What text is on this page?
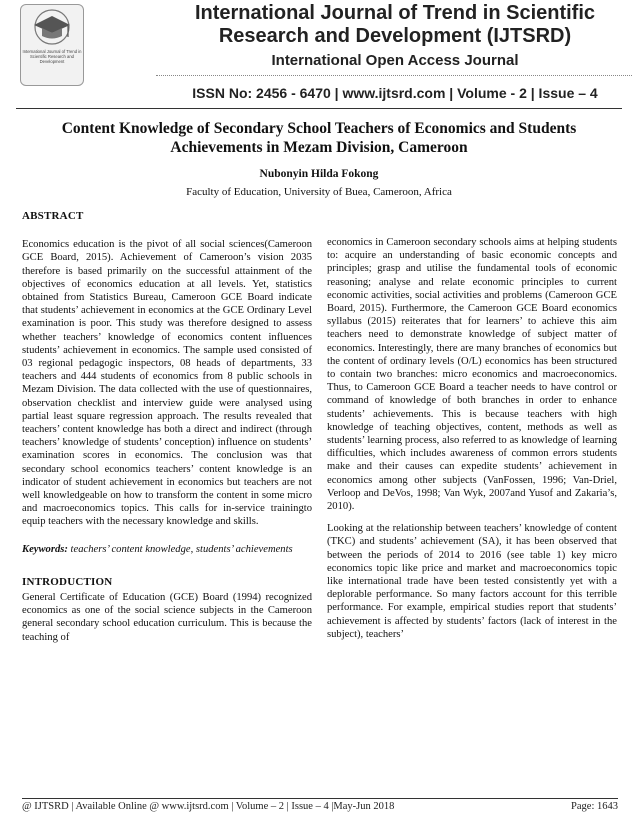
International Journal of Trend in Scientific Research and Development
International Journal of Trend in Scientific
Research and Development (IJTSRD)
International Open Access Journal
ISSN No: 2456 - 6470 | www.ijtsrd.com | Volume - 2 | Issue – 4
Content Knowledge of Secondary School Teachers of Economics and Students
Achievements in Mezam Division, Cameroon
Nubonyin Hilda Fokong
Faculty of Education, University of Buea, Cameroon, Africa
ABSTRACT

Economics education is the pivot of all social sciences(Cameroon GCE Board, 2015). Achievement of Cameroon’s vision 2035 therefore is based primarily on the successful attainment of the objectives of economics education at all levels. Yet, statistics obtained from Statistics Bureau, Cameroon GCE Board indicate that students’ achievement in economics at the GCE Ordinary Level examination is poor. This study was therefore designed to assess whether teachers’ knowledge of economics content influences students’ achievement in economics. The sample used consisted of 03 regional pedagogic inspectors, 08 heads of departments, 33 teachers and 444 students of economics from 8 public schools in Mezam Division. The data collected with the use of questionnaires, observation checklist and interview guide were analysed using partial least square regression approach. The results revealed that teachers’ content knowledge has both a direct and indirect (through teachers’ knowledge of students’ conception) influence on students’ examination scores in economics. The conclusion was that secondary school economics teachers’ content knowledge is an indicator of student achievement in economics but teachers are not well knowledgeable on how to transform the content in some micro and macroeconomics topics. This calls for in-service trainingto equip teachers with the necessary knowledge and skills.

Keywords: teachers’ content knowledge, students’ achievements

INTRODUCTION

General Certificate of Education (GCE) Board (1994) recognized economics as one of the social science subjects in the Cameroon general secondary school education curriculum. This is because the teaching of

economics in Cameroon secondary schools aims at helping students to: acquire an understanding of basic economic concepts and principles; grasp and utilise the fundamental tools of economic reasoning; analyse and relate economic principles to current economic activities, social activities and problems (Cameroon GCE Board, 2015). Furthermore, the Cameroon GCE Board economics syllabus (2015) reiterates that for learners’ to achieve this aim teachers need to demonstrate knowledge of subject matter of economics. Interestingly, there are many branches of economics but the content of ordinary levels (O/L) economics has been structured to contain two branches: micro economics and macroeconomics. Thus, to Cameroon GCE Board a teacher needs to have control or command of knowledge of both branches in order to enhance students’ achievements. This is because teachers with high knowledge of teaching objectives, content, methods as well as students’ learning process, also referred to as knowledge of learning difficulties, which includes awareness of common errors students make and their causes can expedite students’ achievement in economics among other subjects (VanFossen, 1996; Van-Driel, Verloop and DeVos, 1998; Van Wyk, 2007and Yusof and Zakaria’s, 2010).

Looking at the relationship between teachers’ knowledge of content (TKC) and students’ achievement (SA), it has been observed that between the periods of 2014 to 2016 (see table 1) key micro economics topic like price and market and macroeconomics topic like international trade have been tested consistently yet with a deplorable performance. So many factors account for this terrible performance. For example, empirical studies report that students’ achievement is affected by students’ factors (lack of interest in the subject), teachers’

@ IJTSRD | Available Online @ www.ijtsrd.com | Volume – 2 | Issue – 4 |May-Jun 2018	Page: 1643
